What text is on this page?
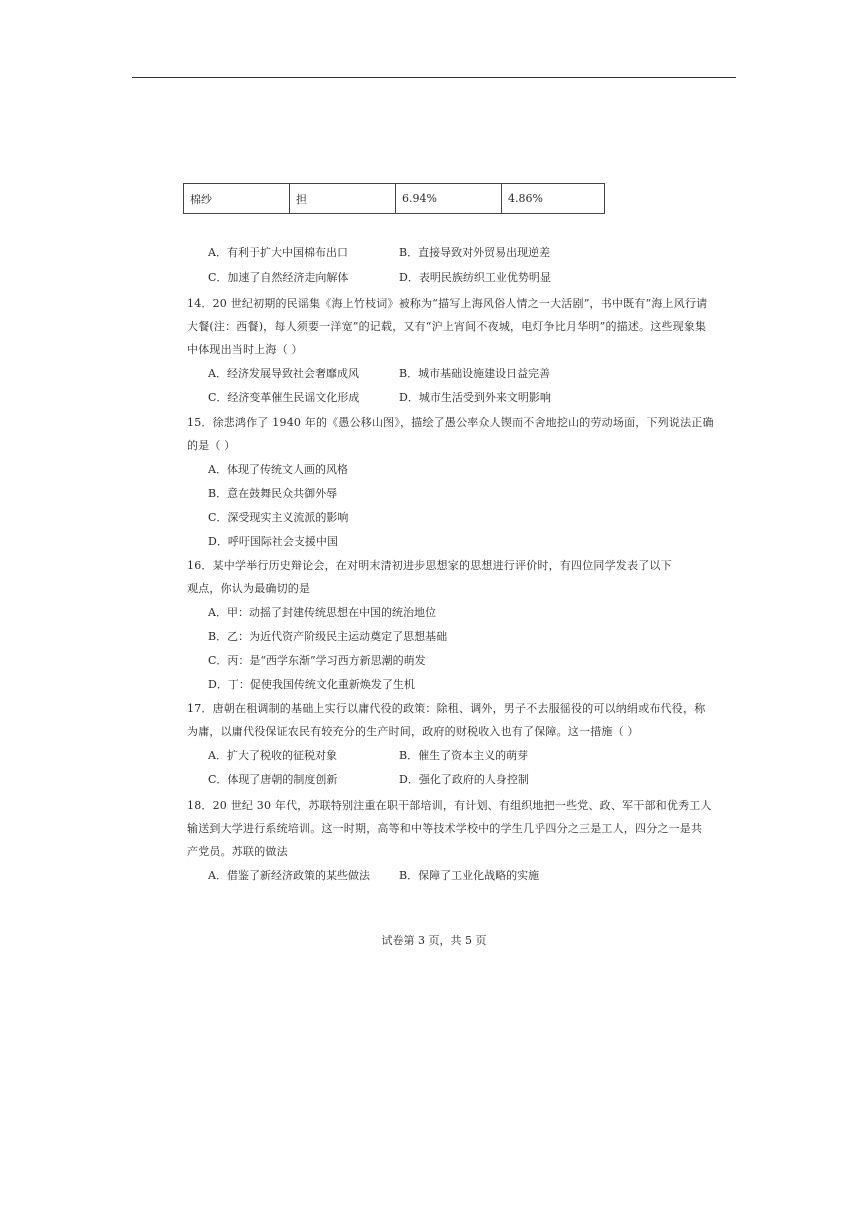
棉纱	担	6.94%	4.86%
A．有利于扩大中国棉布出口	B．直接导致对外贸易出现逆差
C．加速了自然经济走向解体	D．表明民族纺织工业优势明显
14．20 世纪初期的民谣集《海上竹枝词》被称为“描写上海风俗人情之一大活剧”，书中既有“海上风行请
大餐(注：西餐)，每人须要一洋宽”的记载，又有“沪上宵间不夜城，电灯争比月华明”的描述。这些现象集
中体现出当时上海（ ）
A．经济发展导致社会奢靡成风	B．城市基础设施建设日益完善
C．经济变革催生民谣文化形成	D．城市生活受到外来文明影响
15．徐悲鸿作了 1940 年的《愚公移山图》，描绘了愚公率众人锲而不舍地挖山的劳动场面，下列说法正确
的是（ ）
A．体现了传统文人画的风格
B．意在鼓舞民众共御外辱
C．深受现实主义流派的影响
D．呼吁国际社会支援中国
16．某中学举行历史辩论会，在对明末清初进步思想家的思想进行评价时，有四位同学发表了以下
观点，你认为最确切的是
A．甲：动摇了封建传统思想在中国的统治地位
B．乙：为近代资产阶级民主运动奠定了思想基础
C．丙：是“西学东渐”学习西方新思潮的萌发
D．丁：促使我国传统文化重新焕发了生机
17．唐朝在租调制的基础上实行以庸代役的政策：除租、调外，男子不去服徭役的可以纳绢或布代役，称
为庸，以庸代役保证农民有较充分的生产时间，政府的财税收入也有了保障。这一措施（ ）
A．扩大了税收的征税对象	B．催生了资本主义的萌芽
C．体现了唐朝的制度创新	D．强化了政府的人身控制
18．20 世纪 30 年代，苏联特别注重在职干部培训，有计划、有组织地把一些党、政、军干部和优秀工人
输送到大学进行系统培训。这一时期，高等和中等技术学校中的学生几乎四分之三是工人，四分之一是共
产党员。苏联的做法
A．借鉴了新经济政策的某些做法	B．保障了工业化战略的实施
试卷第 3 页，共 5 页
